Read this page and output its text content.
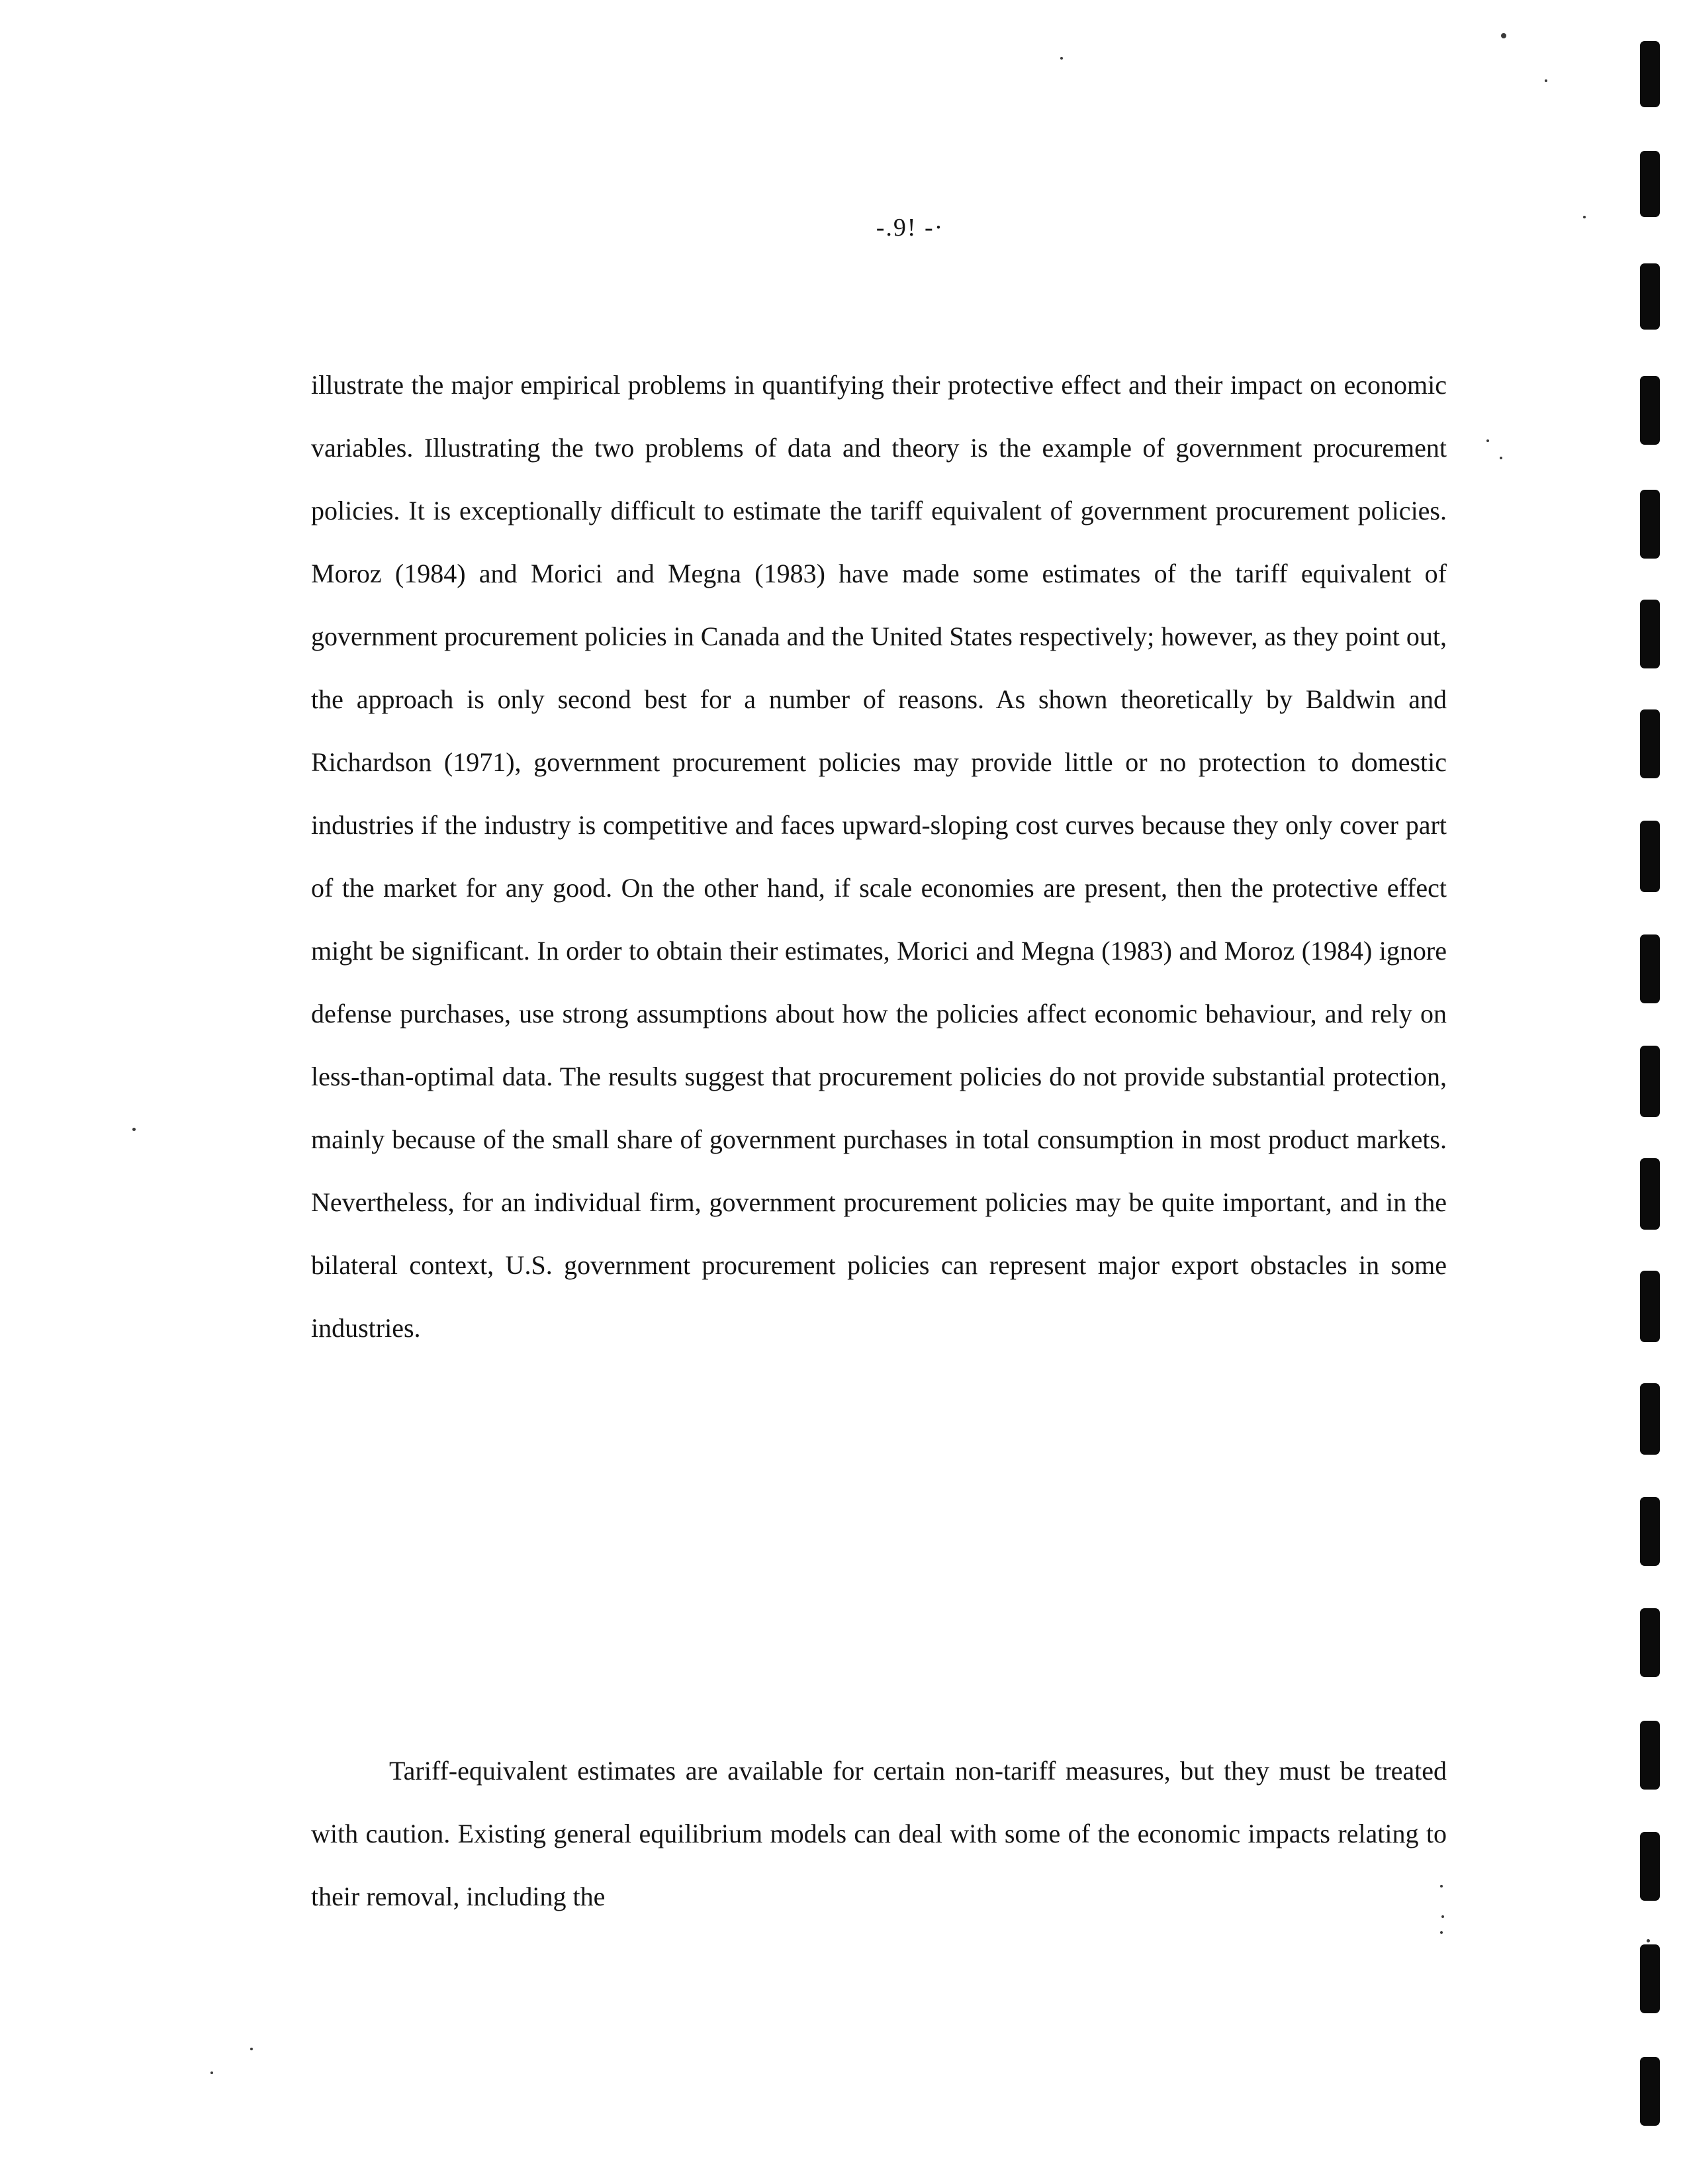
-.9! -·

illustrate the major empirical problems in quantifying their protective effect and their impact on economic variables. Illustrating the two problems of data and theory is the example of government procurement policies. It is exceptionally difficult to estimate the tariff equivalent of government procurement policies. Moroz (1984) and Morici and Megna (1983) have made some estimates of the tariff equivalent of government procurement policies in Canada and the United States respectively; however, as they point out, the approach is only second best for a number of reasons. As shown theoretically by Baldwin and Richardson (1971), government procurement policies may provide little or no protection to domestic industries if the industry is competitive and faces upward-sloping cost curves because they only cover part of the market for any good. On the other hand, if scale economies are present, then the protective effect might be significant. In order to obtain their estimates, Morici and Megna (1983) and Moroz (1984) ignore defense purchases, use strong assumptions about how the policies affect economic behaviour, and rely on less-than-optimal data. The results suggest that procurement policies do not provide substantial protection, mainly because of the small share of government purchases in total consumption in most product markets. Nevertheless, for an individual firm, government procurement policies may be quite important, and in the bilateral context, U.S. government procurement policies can represent major export obstacles in some industries.

Tariff-equivalent estimates are available for certain non-tariff measures, but they must be treated with caution. Existing general equilibrium models can deal with some of the economic impacts relating to their removal, including the
